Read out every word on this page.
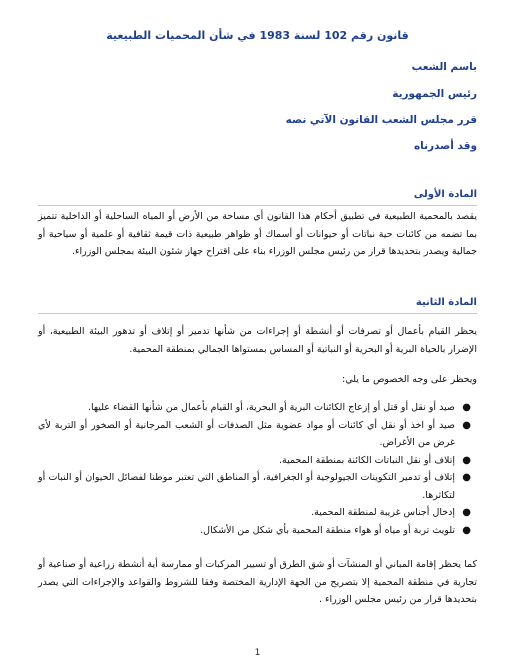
قانون رقم 102 لسنة 1983 في شأن المحميات الطبيعية
باسم الشعب
رئيس الجمهورية
قرر مجلس الشعب القانون الآتي نصه
وقد أصدرناه
المادة الأولى
يقصد بالمحمية الطبيعية في تطبيق أحكام هذا القانون أي مساحة من الأرض أو المياه الساحلية أو الداخلية تتميز بما تضمه من كائنات حية نباتات أو حيوانات أو أسماك أو ظواهر طبيعية ذات قيمة ثقافية أو علمية أو سياحية أو جمالية ويصدر بتحديدها قرار من رئيس مجلس الوزراء بناء على اقتراح جهاز شئون البيئة بمجلس الوزراء.
المادة الثانية
يحظر القيام بأعمال أو تصرفات أو أنشطة أو إجراءات من شأنها تدمير أو إتلاف أو تدهور البيئة الطبيعية، أو الإضرار بالحياة البرية أو البحرية أو النباتية أو المساس بمستواها الجمالي بمنطقة المحمية.
ويحظر على وجه الخصوص ما يلي:
●
صيد أو نقل أو قتل أو إزعاج الكائنات البرية أو البحرية، أو القيام بأعمال من شأنها القضاء عليها.
●
صيد أو اخذ أو نقل أي كائنات أو مواد عضوية مثل الصدفات أو الشعب المرجانية أو الصخور أو التربة لأي غرض من الأغراض.
●
إتلاف أو نقل النباتات الكائنة بمنطقة المحمية.
●
إتلاف أو تدمير التكوينات الجيولوجية أو الجغرافية، أو المناطق التي تعتبر موطنا لفصائل الحيوان أو النبات أو لتكاثرها.
●
إدخال أجناس غريبة لمنطقة المحمية.
●
تلويث تربة أو مياه أو هواء منطقة المحمية بأي شكل من الأشكال.
كما يحظر إقامة المباني أو المنشآت أو شق الطرق أو تسيير المركبات أو ممارسة أية أنشطة زراعية أو صناعية أو تجارية في منطقة المحمية إلا بتصريح من الجهة الإدارية المختصة وفقا للشروط والقواعد والإجراءات التي يصدر بتحديدها قرار من رئيس مجلس الوزراء .
1
